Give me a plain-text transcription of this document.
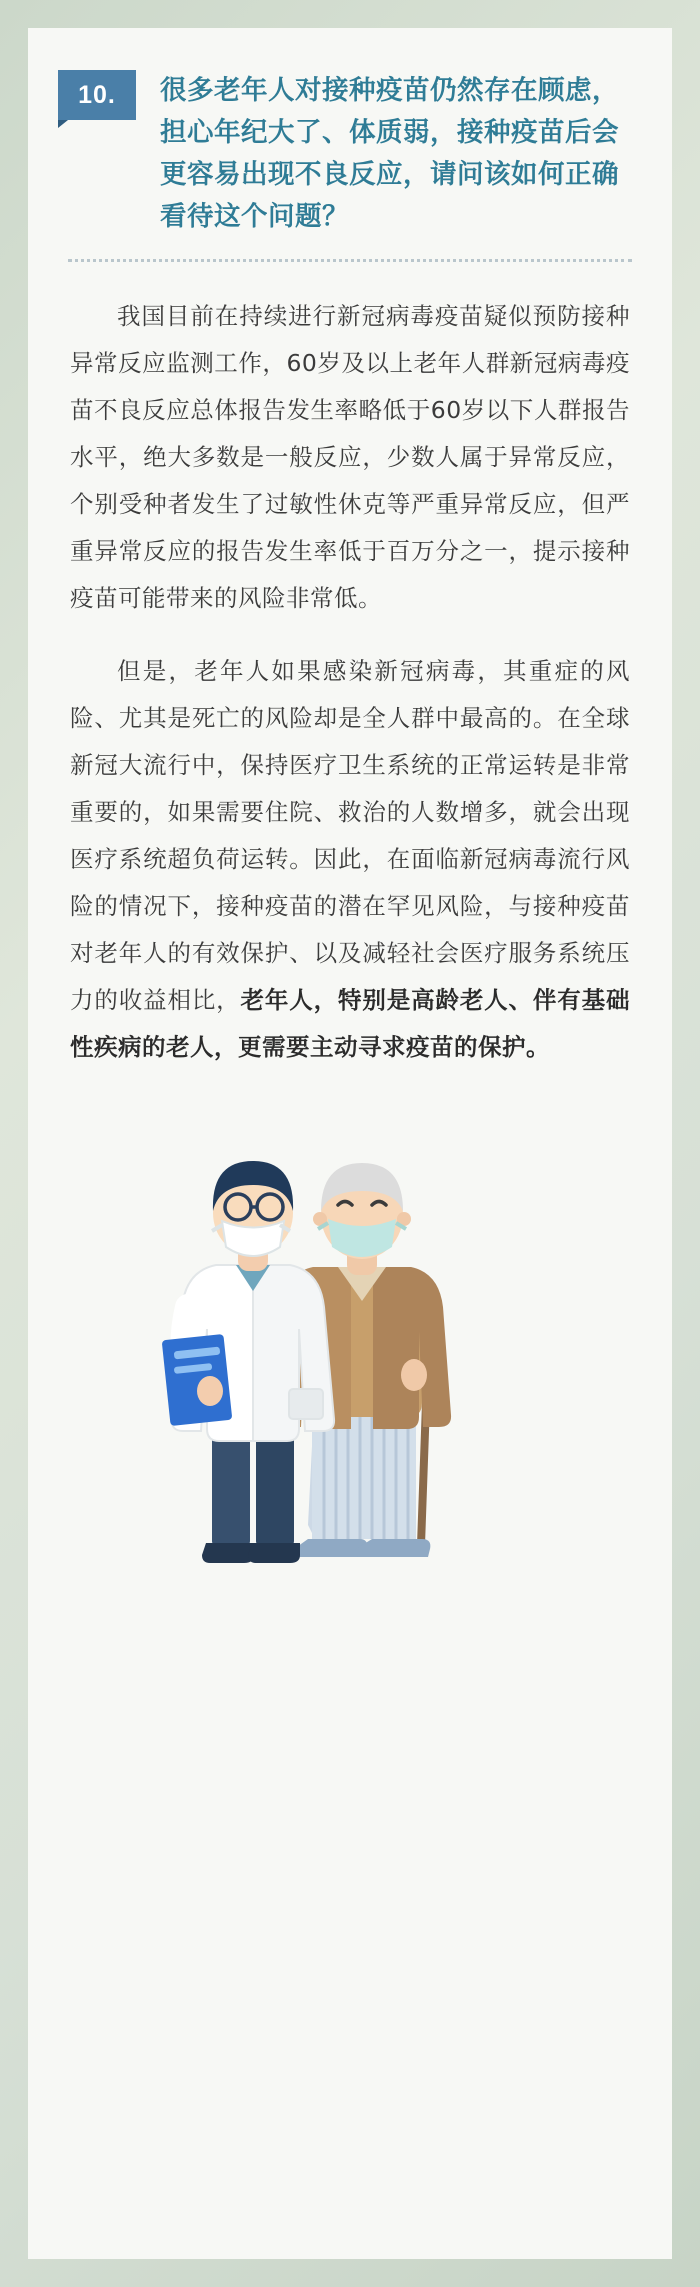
10.	很多老年人对接种疫苗仍然存在顾虑，担心年纪大了、体质弱，接种疫苗后会更容易出现不良反应，请问该如何正确看待这个问题？

我国目前在持续进行新冠病毒疫苗疑似预防接种异常反应监测工作，60岁及以上老年人群新冠病毒疫苗不良反应总体报告发生率略低于60岁以下人群报告水平，绝大多数是一般反应，少数人属于异常反应，个别受种者发生了过敏性休克等严重异常反应，但严重异常反应的报告发生率低于百万分之一，提示接种疫苗可能带来的风险非常低。

但是，老年人如果感染新冠病毒，其重症的风险、尤其是死亡的风险却是全人群中最高的。在全球新冠大流行中，保持医疗卫生系统的正常运转是非常重要的，如果需要住院、救治的人数增多，就会出现医疗系统超负荷运转。因此，在面临新冠病毒流行风险的情况下，接种疫苗的潜在罕见风险，与接种疫苗对老年人的有效保护、以及减轻社会医疗服务系统压力的收益相比，老年人，特别是高龄老人、伴有基础性疾病的老人，更需要主动寻求疫苗的保护。
